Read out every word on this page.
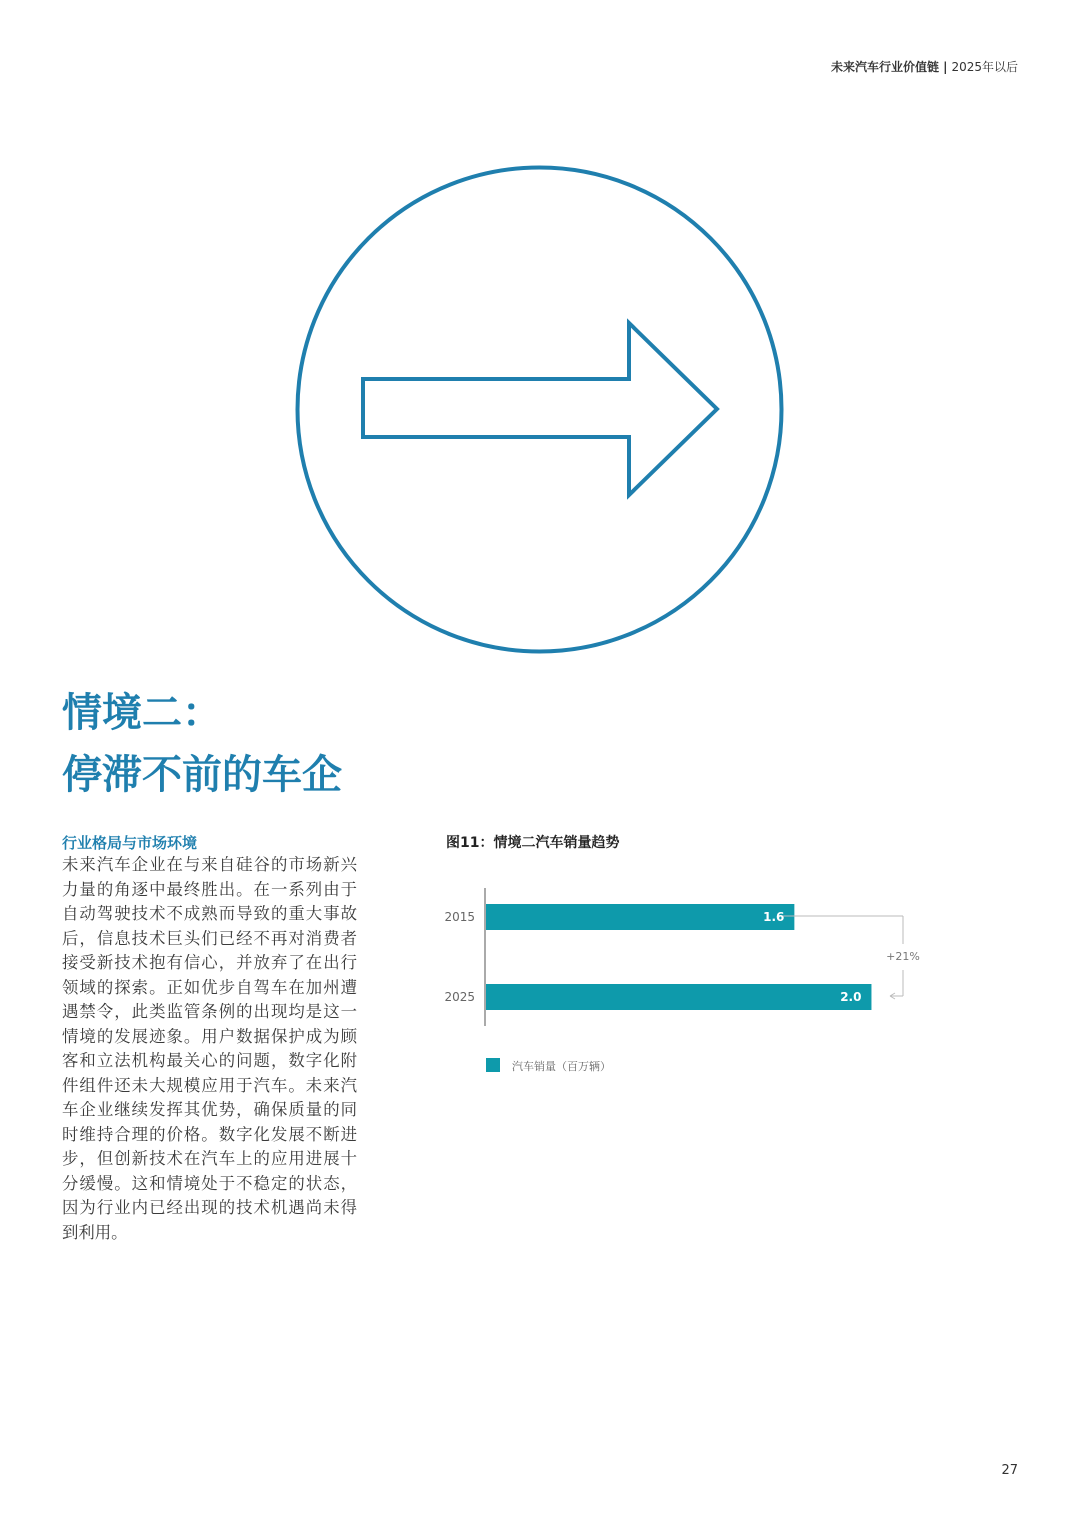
未来汽车行业价值链 | 2025年以后
情境二：
停滞不前的车企
行业格局与市场环境
未来汽车企业在与来自硅谷的市场新兴力量的角逐中最终胜出。在一系列由于自动驾驶技术不成熟而导致的重大事故后，信息技术巨头们已经不再对消费者接受新技术抱有信心，并放弃了在出行领域的探索。正如优步自驾车在加州遭遇禁令，此类监管条例的出现均是这一情境的发展迹象。用户数据保护成为顾客和立法机构最关心的问题，数字化附件组件还未大规模应用于汽车。未来汽车企业继续发挥其优势，确保质量的同时维持合理的价格。数字化发展不断进步，但创新技术在汽车上的应用进展十分缓慢。这和情境处于不稳定的状态，因为行业内已经出现的技术机遇尚未得到利用。
图11：情境二汽车销量趋势
1.6
2015
2.0
2025
+21%
汽车销量（百万辆）
27
